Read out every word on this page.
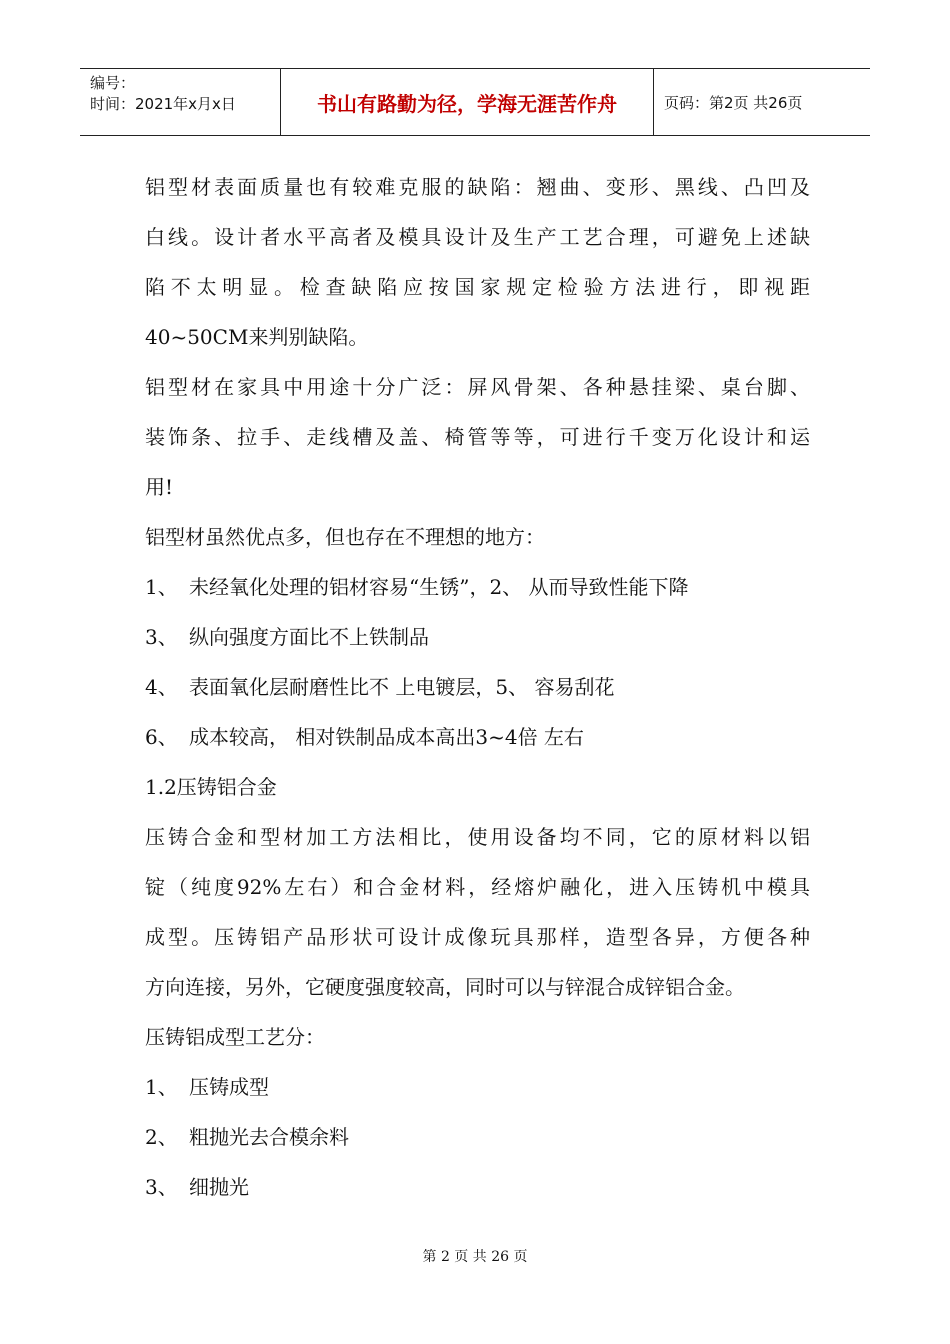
编号：
时间：2021年x月x日	书山有路勤为径，学海无涯苦作舟	页码：第2页 共26页

铝型材表面质量也有较难克服的缺陷：翘曲、变形、黑线、凸凹及

白线。设计者水平高者及模具设计及生产工艺合理，可避免上述缺

陷不太明显。检查缺陷应按国家规定检验方法进行，即视距

40~50CM来判别缺陷。

铝型材在家具中用途十分广泛：屏风骨架、各种悬挂梁、桌台脚、

装饰条、拉手、走线槽及盖、椅管等等，可进行千变万化设计和运

用!

铝型材虽然优点多，但也存在不理想的地方：

1、 未经氧化处理的铝材容易“生锈”，2、 从而导致性能下降

3、 纵向强度方面比不上铁制品

4、 表面氧化层耐磨性比不 上电镀层，5、 容易刮花

6、 成本较高， 相对铁制品成本高出3~4倍 左右

1.2压铸铝合金

压铸合金和型材加工方法相比，使用设备均不同，它的原材料以铝

锭（纯度92%左右）和合金材料，经熔炉融化，进入压铸机中模具

成型。压铸铝产品形状可设计成像玩具那样，造型各异，方便各种

方向连接，另外，它硬度强度较高，同时可以与锌混合成锌铝合金。

压铸铝成型工艺分：

1、 压铸成型

2、 粗抛光去合模余料

3、 细抛光

第 2 页 共 26 页
